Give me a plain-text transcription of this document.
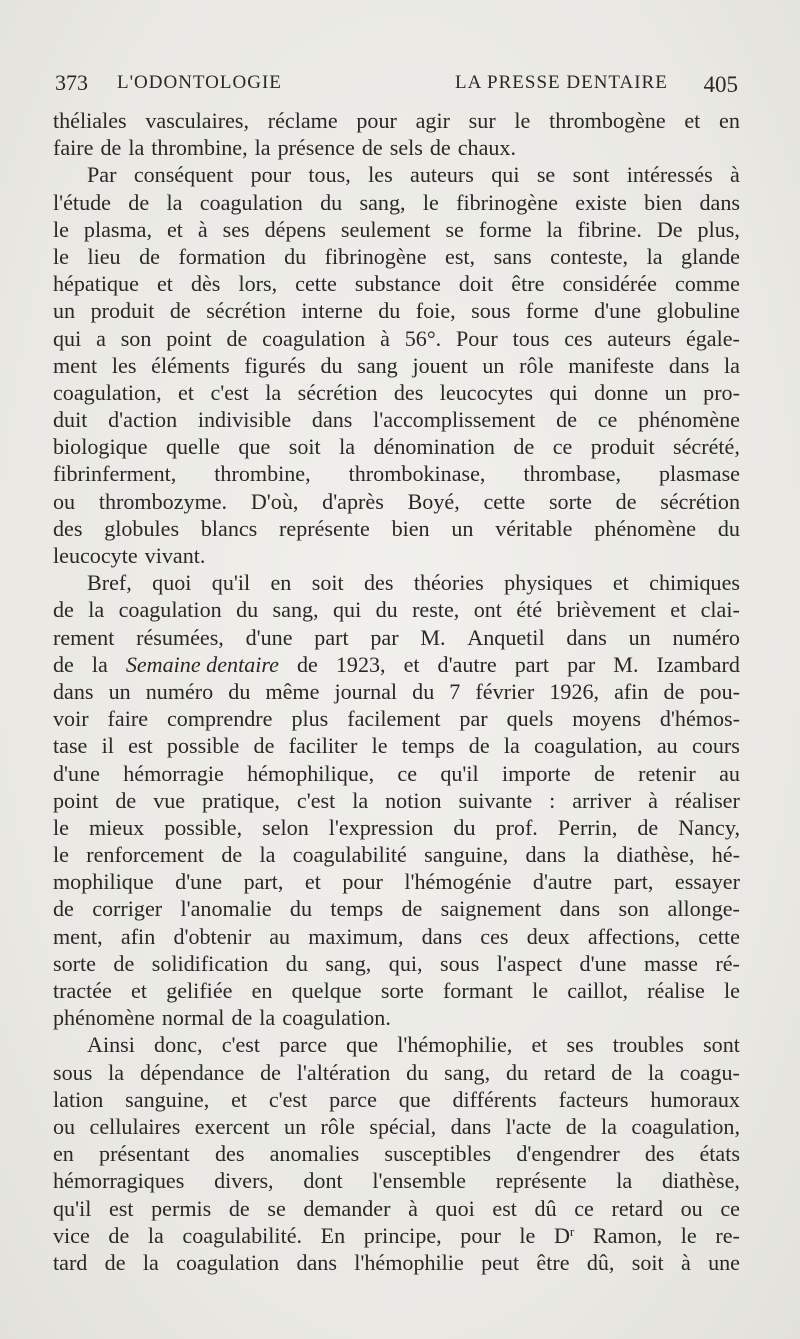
373 L'ODONTOLOGIE	LA PRESSE DENTAIRE 405
théliales vasculaires, réclame pour agir sur le thrombogène et en
faire de la thrombine, la présence de sels de chaux.
Par conséquent pour tous, les auteurs qui se sont intéressés à
l'étude de la coagulation du sang, le fibrinogène existe bien dans
le plasma, et à ses dépens seulement se forme la fibrine. De plus,
le lieu de formation du fibrinogène est, sans conteste, la glande
hépatique et dès lors, cette substance doit être considérée comme
un produit de sécrétion interne du foie, sous forme d'une globuline
qui a son point de coagulation à 56°. Pour tous ces auteurs égale-
ment les éléments figurés du sang jouent un rôle manifeste dans la
coagulation, et c'est la sécrétion des leucocytes qui donne un pro-
duit d'action indivisible dans l'accomplissement de ce phénomène
biologique quelle que soit la dénomination de ce produit sécrété,
fibrinferment, thrombine, thrombokinase, thrombase, plasmase
ou thrombozyme. D'où, d'après Boyé, cette sorte de sécrétion
des globules blancs représente bien un véritable phénomène du
leucocyte vivant.
Bref, quoi qu'il en soit des théories physiques et chimiques
de la coagulation du sang, qui du reste, ont été brièvement et clai-
rement résumées, d'une part par M. Anquetil dans un numéro
de la Semaine dentaire de 1923, et d'autre part par M. Izambard
dans un numéro du même journal du 7 février 1926, afin de pou-
voir faire comprendre plus facilement par quels moyens d'hémos-
tase il est possible de faciliter le temps de la coagulation, au cours
d'une hémorragie hémophilique, ce qu'il importe de retenir au
point de vue pratique, c'est la notion suivante : arriver à réaliser
le mieux possible, selon l'expression du prof. Perrin, de Nancy,
le renforcement de la coagulabilité sanguine, dans la diathèse, hé-
mophilique d'une part, et pour l'hémogénie d'autre part, essayer
de corriger l'anomalie du temps de saignement dans son allonge-
ment, afin d'obtenir au maximum, dans ces deux affections, cette
sorte de solidification du sang, qui, sous l'aspect d'une masse ré-
tractée et gelifiée en quelque sorte formant le caillot, réalise le
phénomène normal de la coagulation.
Ainsi donc, c'est parce que l'hémophilie, et ses troubles sont
sous la dépendance de l'altération du sang, du retard de la coagu-
lation sanguine, et c'est parce que différents facteurs humoraux
ou cellulaires exercent un rôle spécial, dans l'acte de la coagulation,
en présentant des anomalies susceptibles d'engendrer des états
hémorragiques divers, dont l'ensemble représente la diathèse,
qu'il est permis de se demander à quoi est dû ce retard ou ce
vice de la coagulabilité. En principe, pour le $D^r$ Ramon, le re-
tard de la coagulation dans l'hémophilie peut être dû, soit à une
